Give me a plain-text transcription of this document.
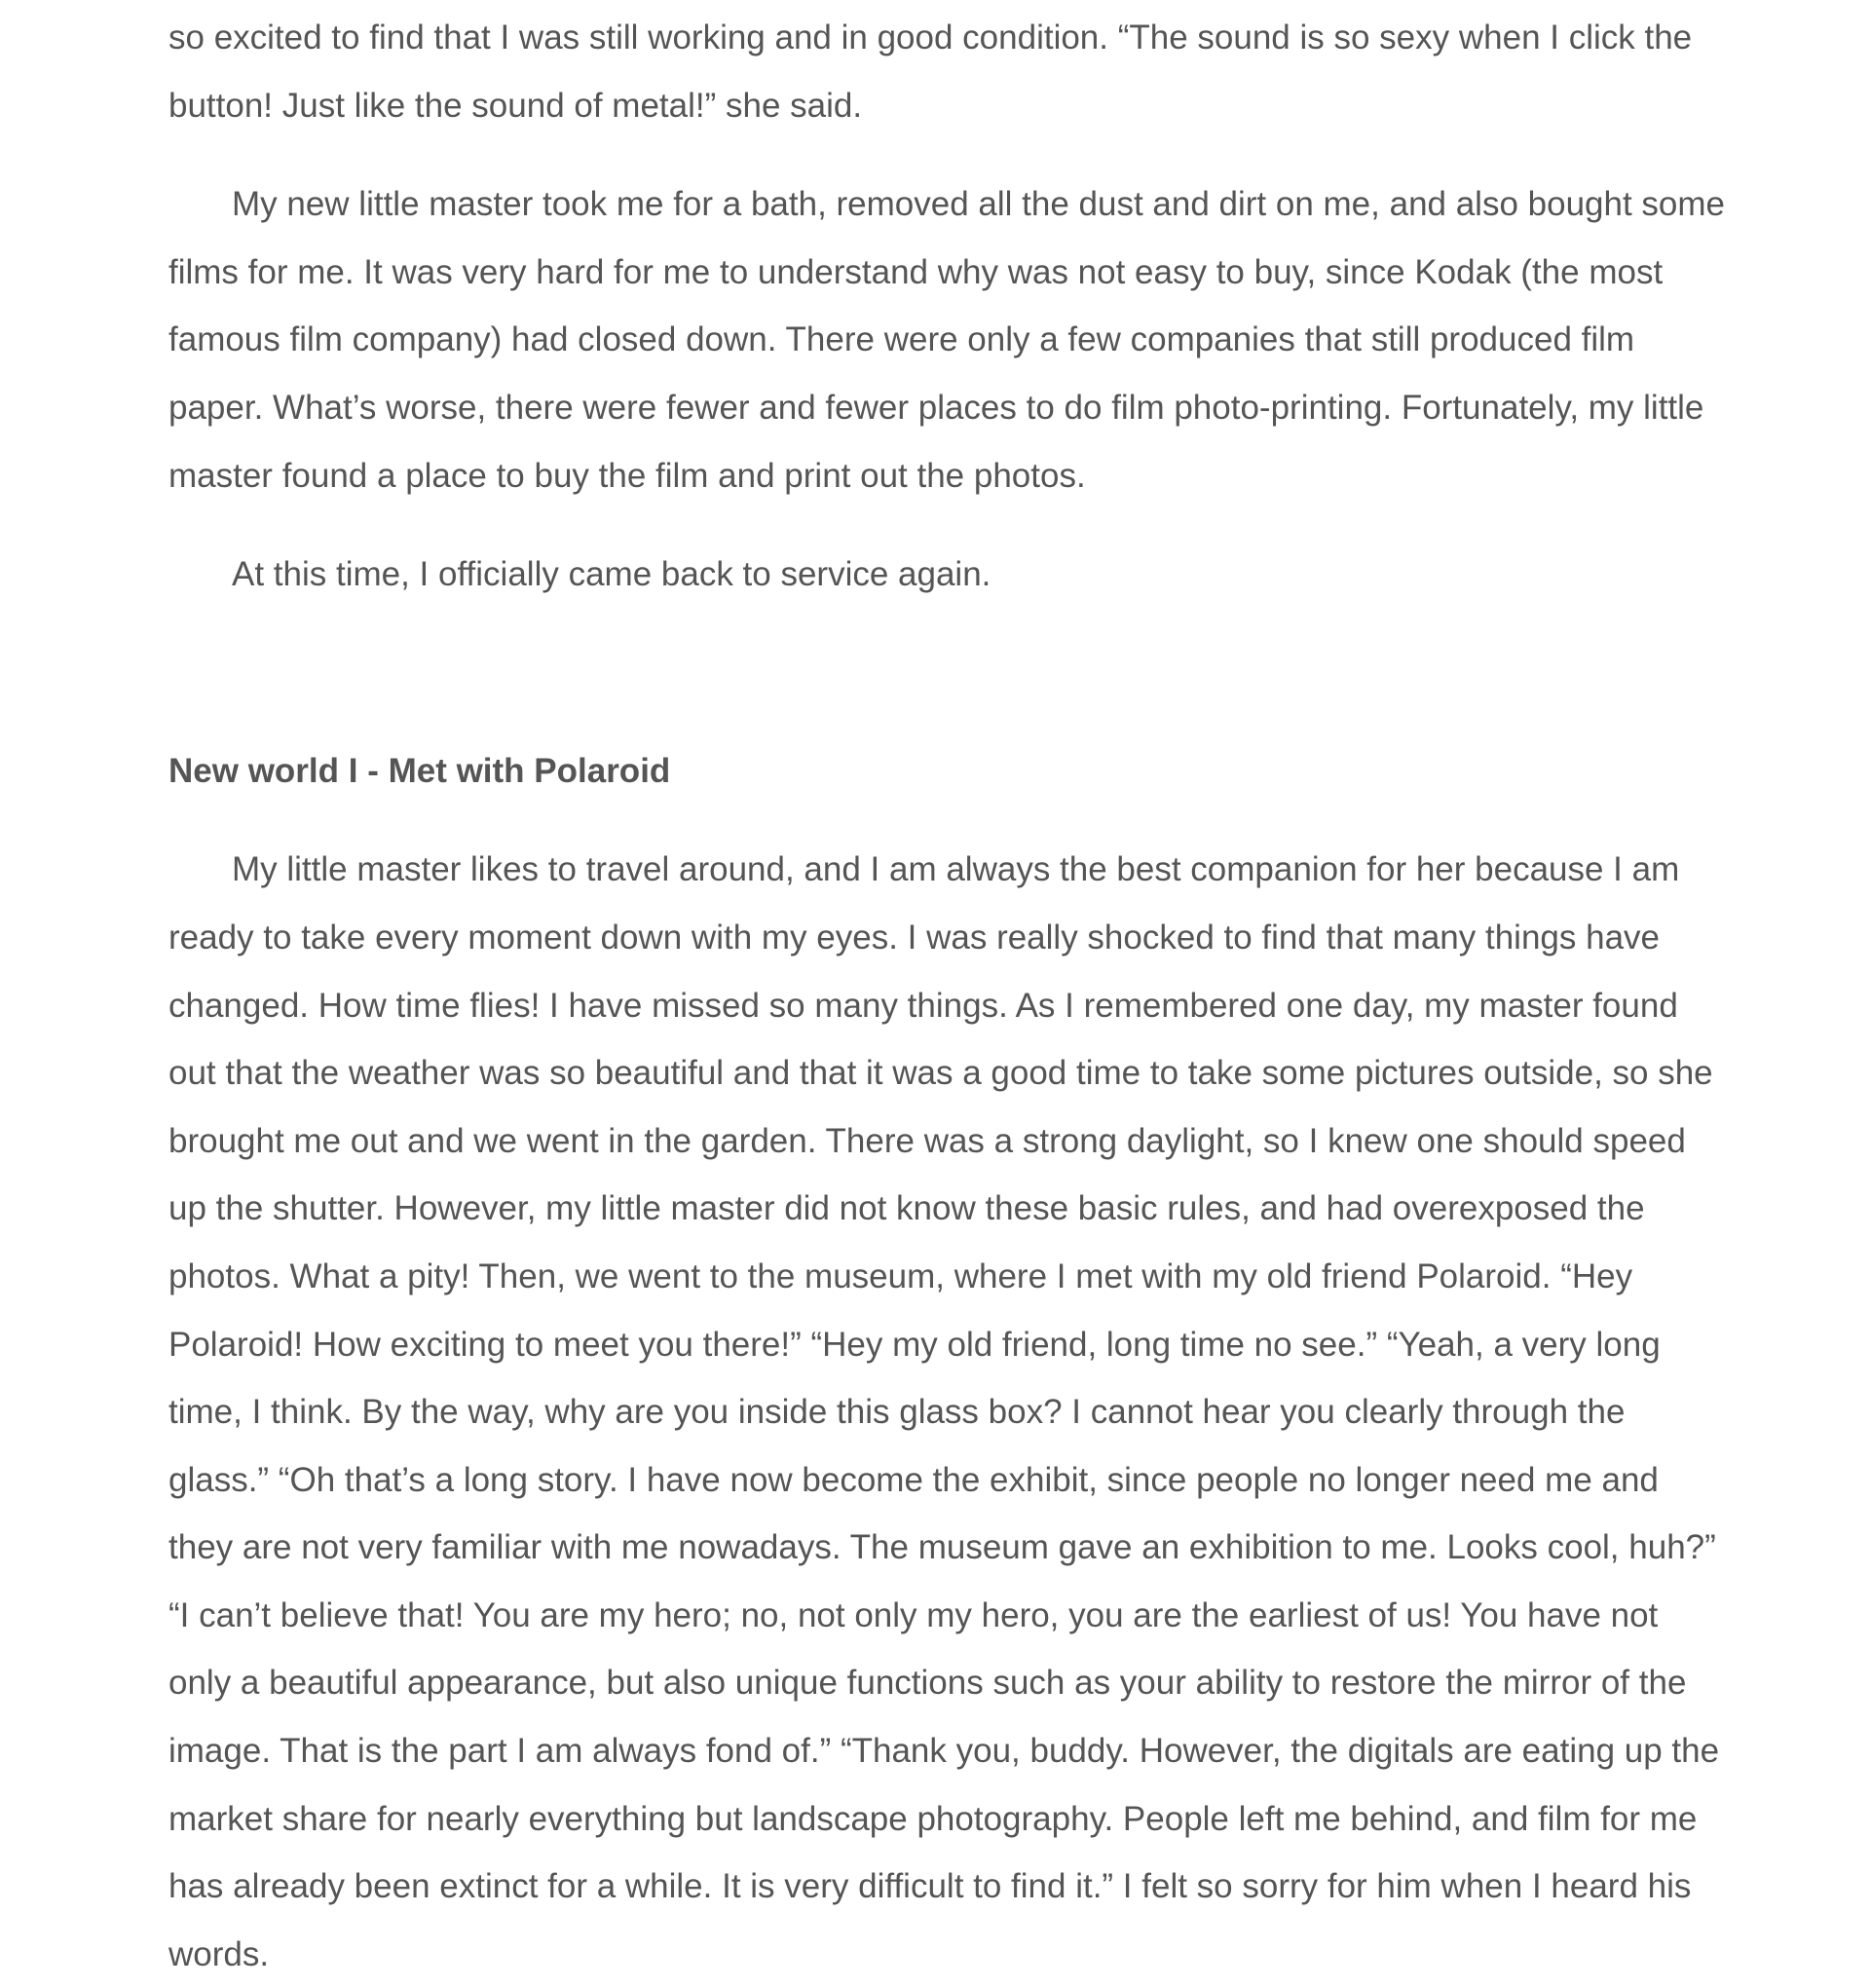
so excited to find that I was still working and in good condition. “The sound is so sexy when I click the
button! Just like the sound of metal!” she said.

My new little master took me for a bath, removed all the dust and dirt on me, and also bought some
films for me. It was very hard for me to understand why was not easy to buy, since Kodak (the most
famous film company) had closed down. There were only a few companies that still produced film
paper. What’s worse, there were fewer and fewer places to do film photo-printing. Fortunately, my little
master found a place to buy the film and print out the photos.

At this time, I officially came back to service again.

New world I - Met with Polaroid

My little master likes to travel around, and I am always the best companion for her because I am
ready to take every moment down with my eyes. I was really shocked to find that many things have
changed. How time flies! I have missed so many things. As I remembered one day, my master found
out that the weather was so beautiful and that it was a good time to take some pictures outside, so she
brought me out and we went in the garden. There was a strong daylight, so I knew one should speed
up the shutter. However, my little master did not know these basic rules, and had overexposed the
photos. What a pity! Then, we went to the museum, where I met with my old friend Polaroid. “Hey
Polaroid! How exciting to meet you there!” “Hey my old friend, long time no see.” “Yeah, a very long
time, I think. By the way, why are you inside this glass box? I cannot hear you clearly through the
glass.” “Oh that’s a long story. I have now become the exhibit, since people no longer need me and
they are not very familiar with me nowadays. The museum gave an exhibition to me. Looks cool, huh?”
“I can’t believe that! You are my hero; no, not only my hero, you are the earliest of us! You have not
only a beautiful appearance, but also unique functions such as your ability to restore the mirror of the
image. That is the part I am always fond of.” “Thank you, buddy. However, the digitals are eating up the
market share for nearly everything but landscape photography. People left me behind, and film for me
has already been extinct for a while. It is very difficult to find it.” I felt so sorry for him when I heard his
words.
